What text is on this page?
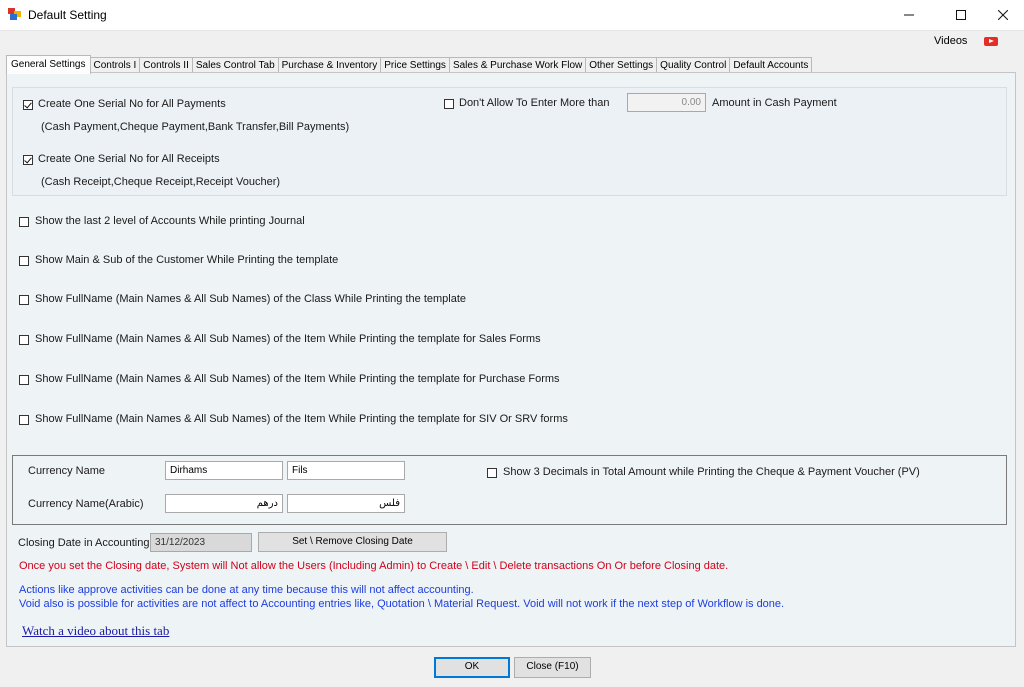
Default Setting
Videos
General Settings Controls I Controls II Sales Control Tab Purchase & Inventory Price Settings Sales & Purchase Work Flow Other Settings Quality Control Default Accounts
Create One Serial No for All Payments
(Cash Payment,Cheque Payment,Bank Transfer,Bill Payments)
Create One Serial No for All Receipts
(Cash Receipt,Cheque Receipt,Receipt Voucher)
Don't Allow To Enter More than	0.00	Amount in Cash Payment
Show the last 2 level of Accounts While printing Journal
Show Main & Sub of the Customer While Printing the template
Show FullName (Main Names & All Sub Names) of the Class While Printing the template
Show FullName (Main Names & All Sub Names) of the Item While Printing the template for Sales Forms
Show FullName (Main Names & All Sub Names) of the Item While Printing the template for Purchase Forms
Show FullName (Main Names & All Sub Names) of the Item While Printing the template for SIV Or SRV forms
Currency Name	Dirhams	Fils
Currency Name(Arabic)	درهم	فلس
Show 3 Decimals in Total Amount while Printing the Cheque & Payment Voucher (PV)
Closing Date in Accounting 31/12/2023	Set \ Remove Closing Date
Once you set the Closing date, System will Not allow the Users (Including Admin) to Create \ Edit \ Delete transactions On Or before Closing date.
Actions like approve activities can be done at any time because this will not affect accounting.
Void also is possible for activities are not affect to Accounting entries like, Quotation \ Material Request. Void will not work if the next step of Workflow is done.
Watch a video about this tab
OK	Close (F10)
